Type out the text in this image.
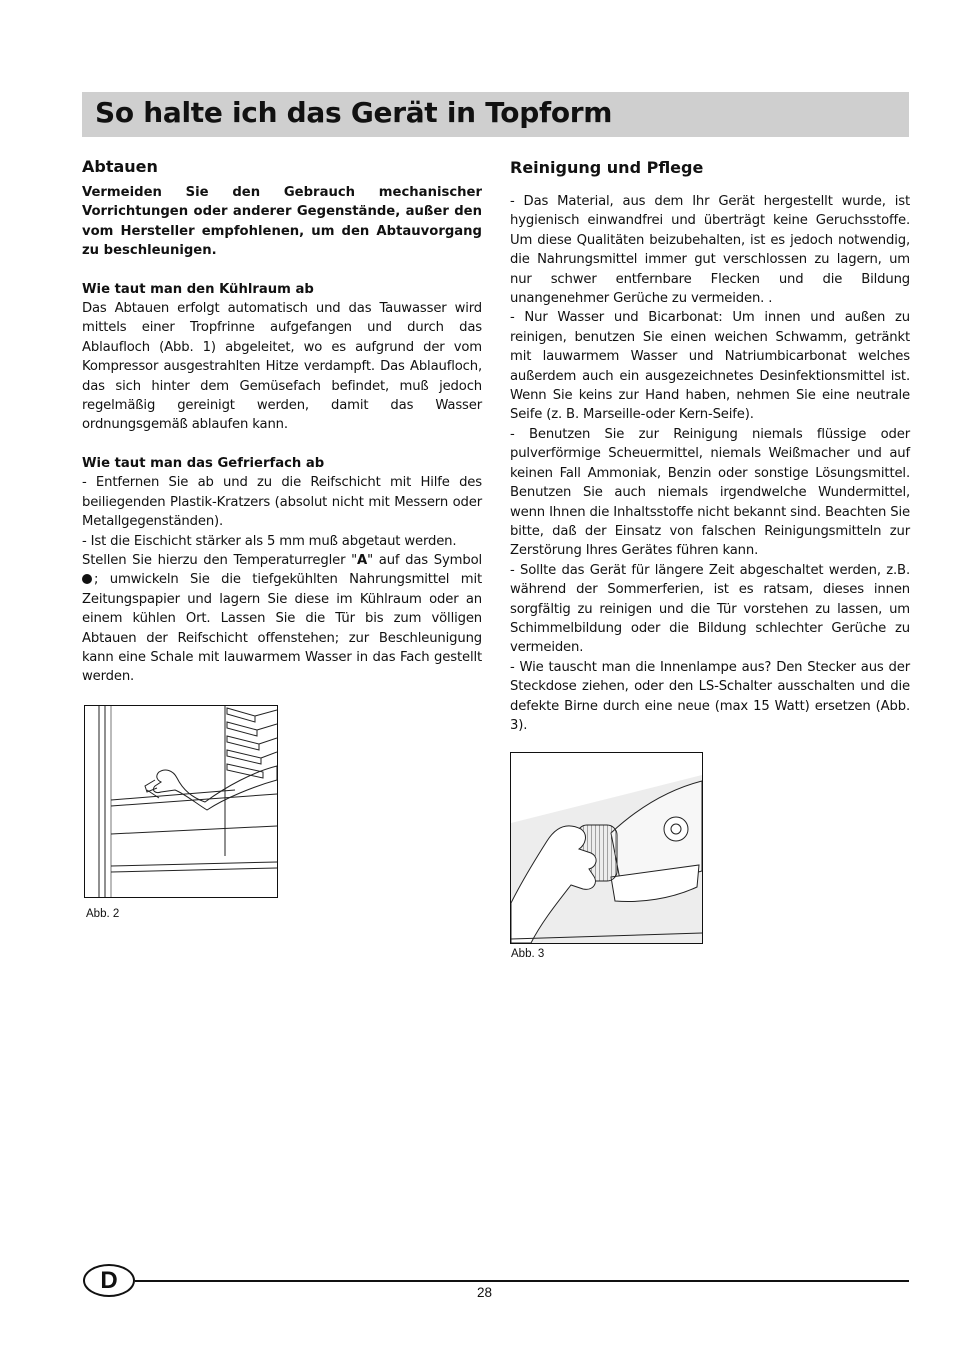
So halte ich das Gerät in Topform
Abtauen

Vermeiden Sie den Gebrauch mechanischer Vorrichtungen oder anderer Gegenstände, außer den vom Hersteller empfohlenen, um den Abtauvorgang zu beschleunigen.

Wie taut man den Kühlraum ab

Das Abtauen erfolgt automatisch und das Tauwasser wird mittels einer Tropfrinne aufgefangen und durch das Ablaufloch (Abb. 1) abgeleitet, wo es aufgrund der vom Kompressor ausgestrahlten Hitze verdampft. Das Ablaufloch, das sich hinter dem Gemüsefach befindet, muß jedoch regelmäßig gereinigt werden, damit das Wasser ordnungsgemäß ablaufen kann.

Wie taut man das Gefrierfach ab

- Entfernen Sie ab und zu die Reifschicht mit Hilfe des beiliegenden Plastik-Kratzers (absolut nicht mit Messern oder Metallgegenständen).

- Ist die Eischicht stärker als 5 mm muß abgetaut werden.

Stellen Sie hierzu den Temperaturregler "A" auf das Symbol ; umwickeln Sie die tiefgekühlten Nahrungsmittel mit Zeitungspapier und lagern Sie diese im Kühlraum oder an einem kühlen Ort. Lassen Sie die Tür bis zum völligen Abtauen der Reifschicht offenstehen; zur Beschleunigung kann eine Schale mit lauwarmem Wasser in das Fach gestellt werden.

Reinigung und Pflege

- Das Material, aus dem Ihr Gerät hergestellt wurde, ist hygienisch einwandfrei und überträgt keine Geruchsstoffe. Um diese Qualitäten beizubehalten, ist es jedoch notwendig, die Nahrungsmittel immer gut verschlossen zu lagern, um nur schwer entfernbare Flecken und die Bildung unangenehmer Gerüche zu vermeiden. .

- Nur Wasser und Bicarbonat: Um innen und außen zu reinigen, benutzen Sie einen weichen Schwamm, getränkt mit lauwarmem Wasser und Natriumbicarbonat welches außerdem auch ein ausgezeichnetes Desinfektionsmittel ist. Wenn Sie keins zur Hand haben, nehmen Sie eine neutrale Seife (z. B. Marseille-oder Kern-Seife).

- Benutzen Sie zur Reinigung niemals flüssige oder pulverförmige Scheuermittel, niemals Weißmacher und auf keinen Fall Ammoniak, Benzin oder sonstige Lösungsmittel. Benutzen Sie auch niemals irgendwelche Wundermittel, wenn Ihnen die Inhaltsstoffe nicht bekannt sind. Beachten Sie bitte, daß der Einsatz von falschen Reinigungsmitteln zur Zerstörung Ihres Gerätes führen kann.

- Sollte das Gerät für längere Zeit abgeschaltet werden, z.B. während der Sommerferien, ist es ratsam, dieses innen sorgfältig zu reinigen und die Tür vorstehen zu lassen, um Schimmelbildung oder die Bildung schlechter Gerüche zu vermeiden.

- Wie tauscht man die Innenlampe aus? Den Stecker aus der Steckdose ziehen, oder den LS-Schalter ausschalten und die defekte Birne durch eine neue (max 15 Watt) ersetzen (Abb. 3).

Abb. 2
Abb. 3
D	28
